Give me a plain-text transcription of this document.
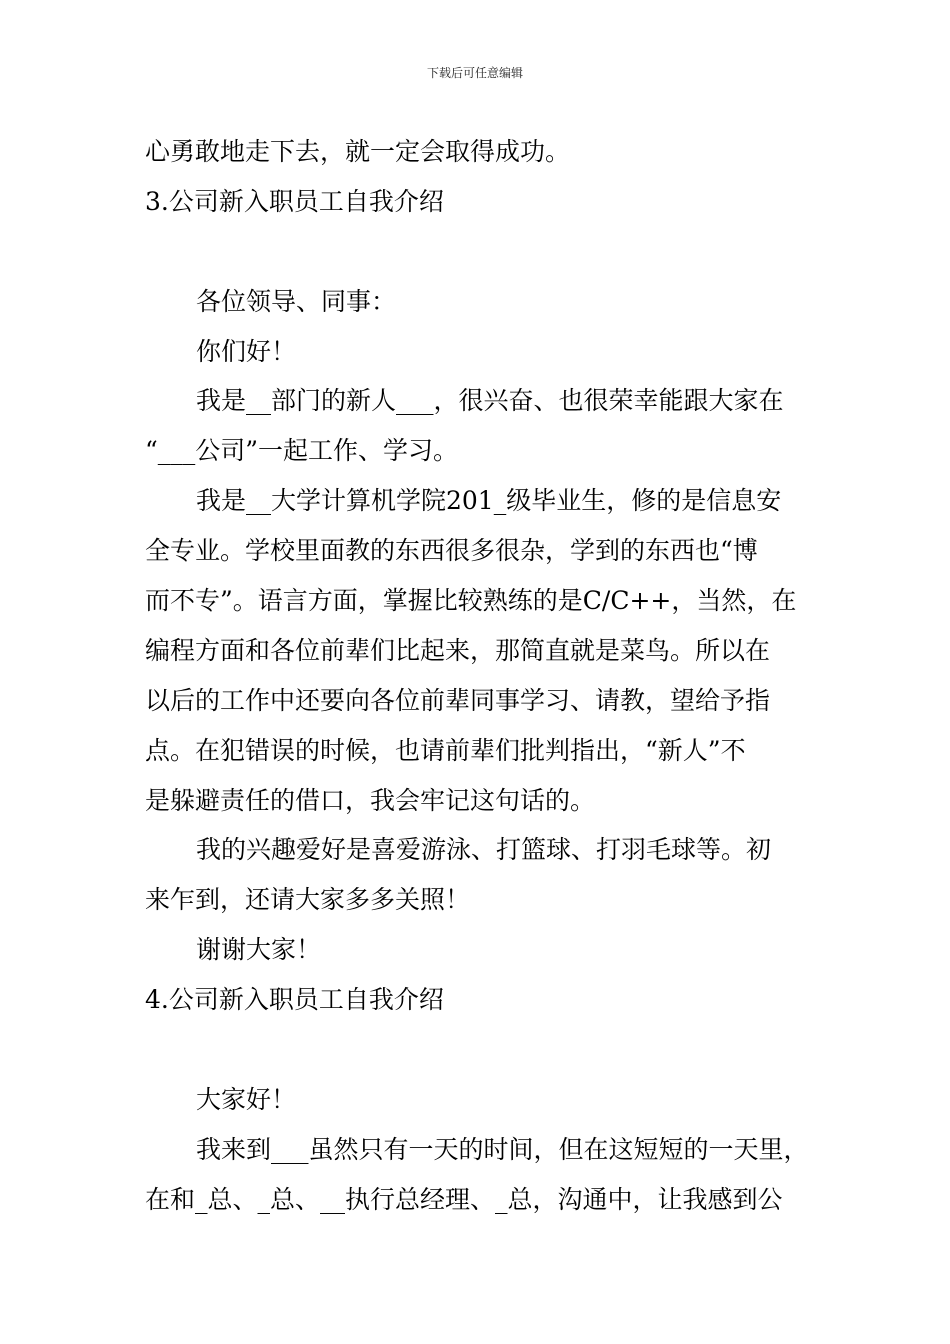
下载后可任意编辑
心勇敢地走下去，就一定会取得成功。
3.公司新入职员工自我介绍
各位领导、同事：
你们好！
我是__部门的新人___，很兴奋、也很荣幸能跟大家在
“___公司”一起工作、学习。
我是__大学计算机学院201_级毕业生，修的是信息安
全专业。学校里面教的东西很多很杂，学到的东西也“博
而不专”。语言方面，掌握比较熟练的是C/C++，当然，在
编程方面和各位前辈们比起来，那简直就是菜鸟。所以在
以后的工作中还要向各位前辈同事学习、请教，望给予指
点。在犯错误的时候，也请前辈们批判指出，“新人”不
是躲避责任的借口，我会牢记这句话的。
我的兴趣爱好是喜爱游泳、打篮球、打羽毛球等。初
来乍到，还请大家多多关照！
谢谢大家！
4.公司新入职员工自我介绍
大家好！
我来到___虽然只有一天的时间，但在这短短的一天里，
在和_总、_总、__执行总经理、_总，沟通中，让我感到公
